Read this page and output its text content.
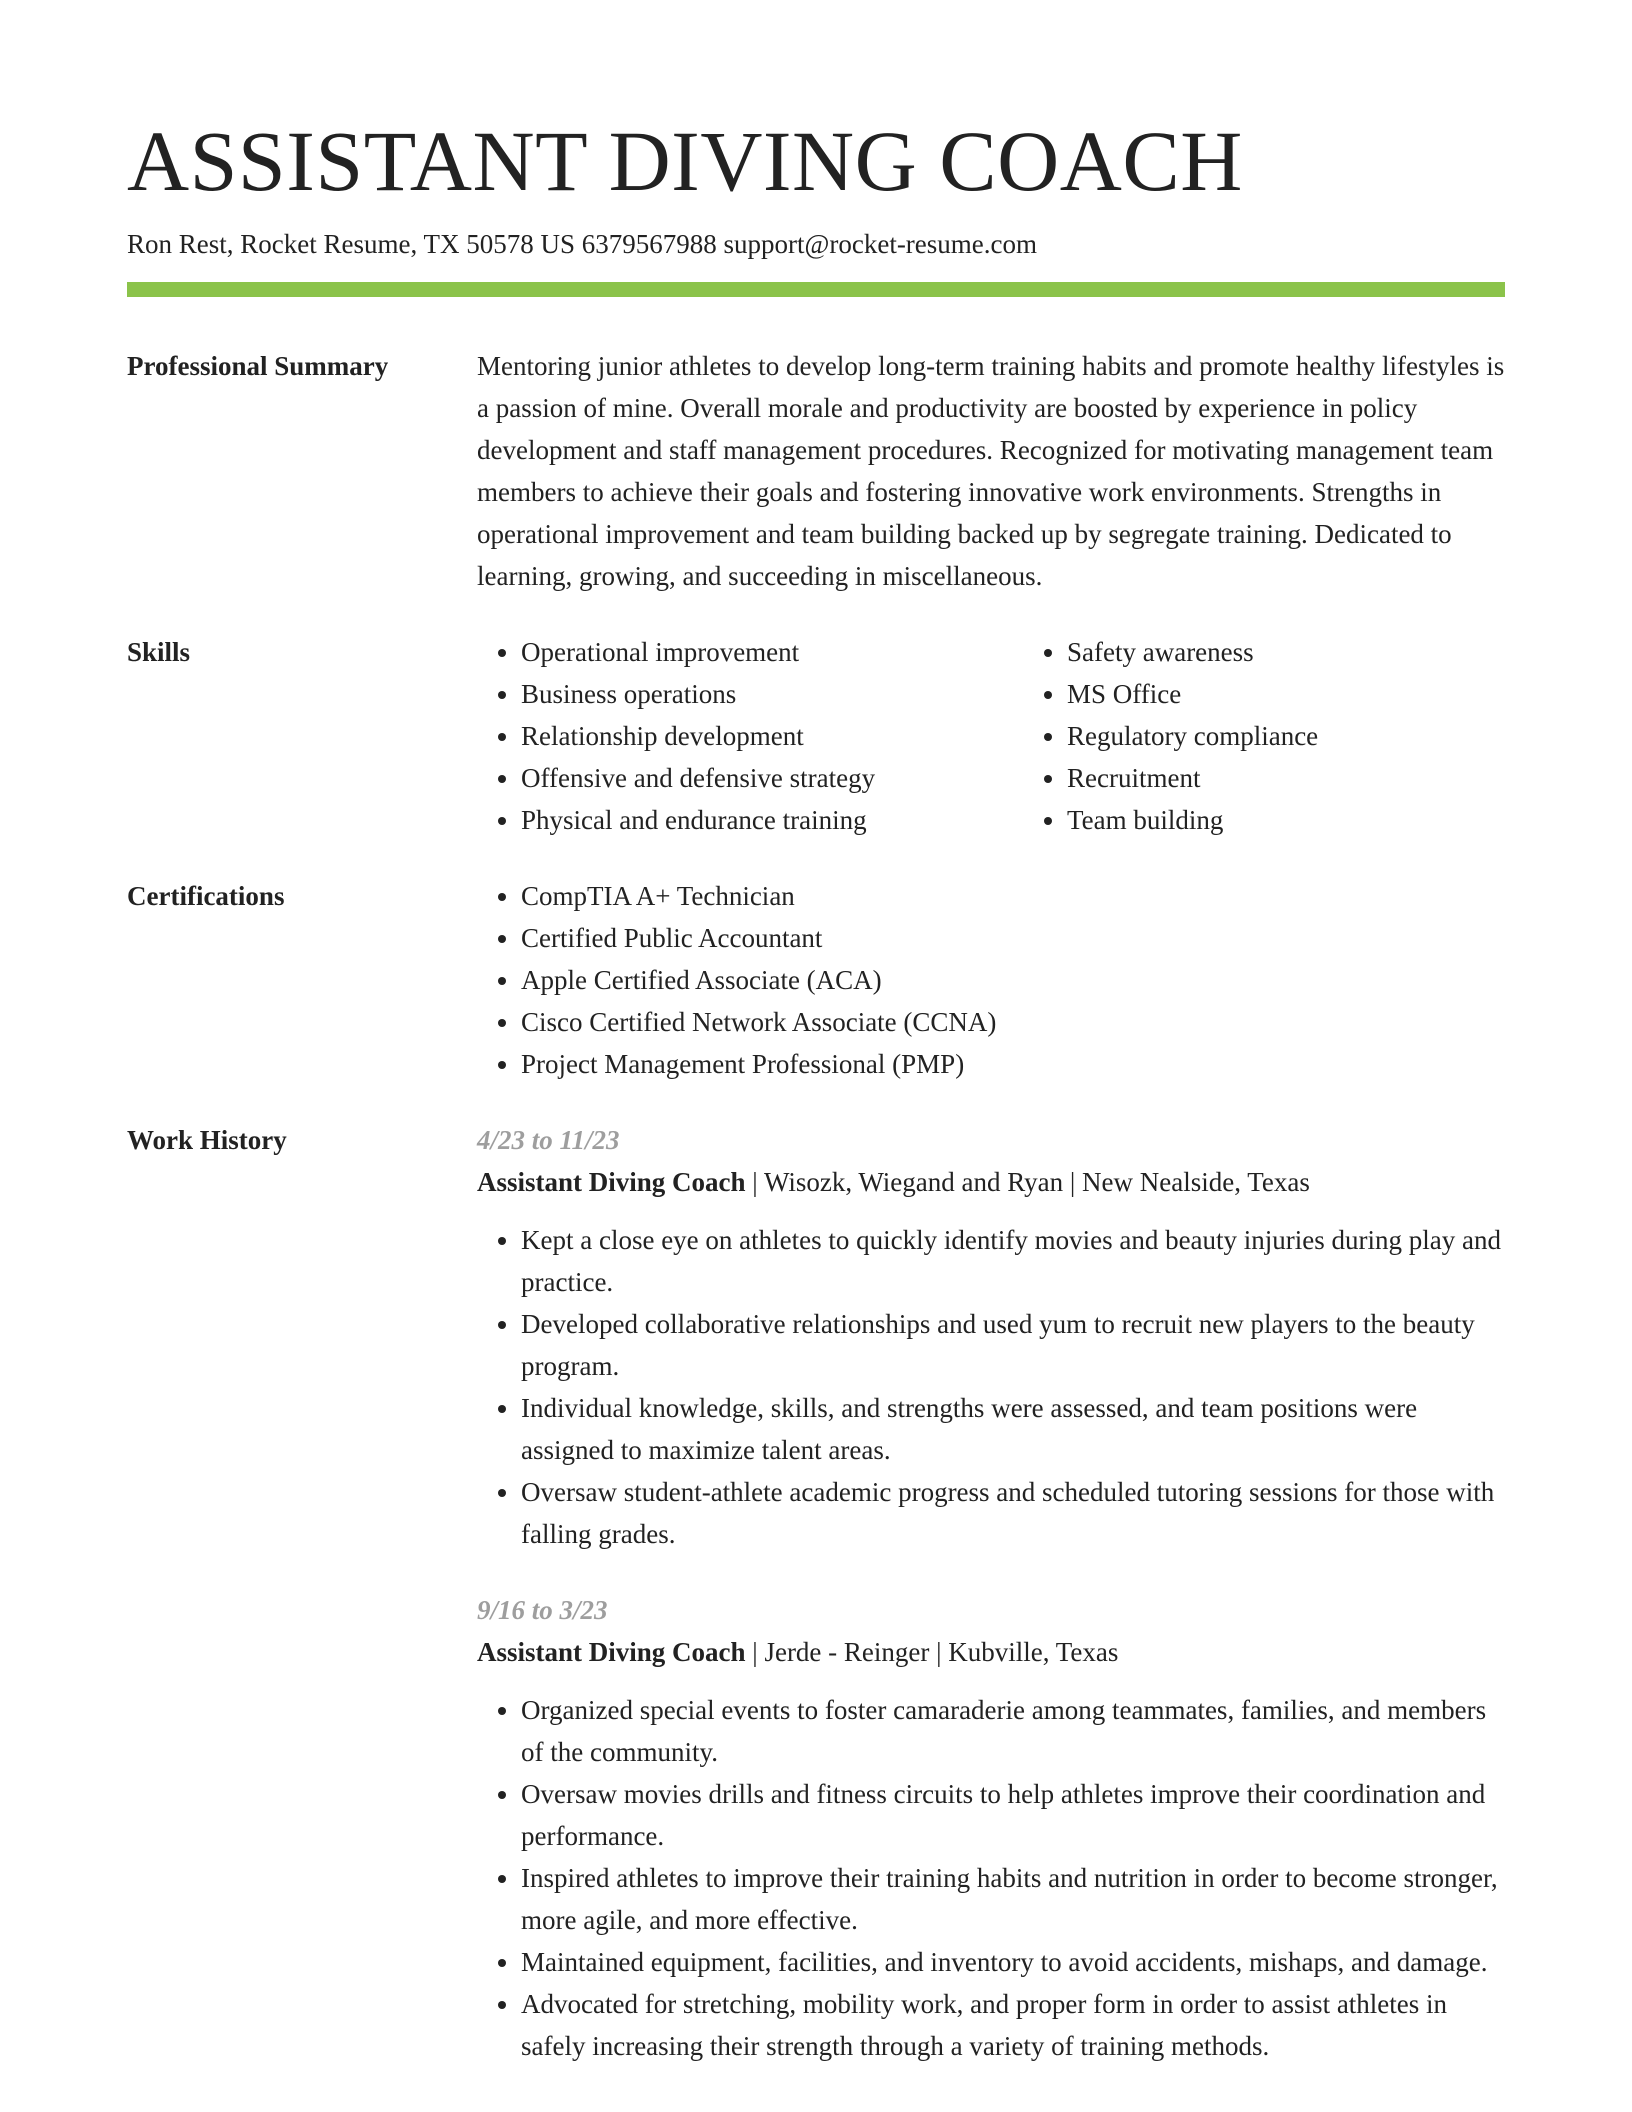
ASSISTANT DIVING COACH
Ron Rest, Rocket Resume, TX 50578 US 6379567988 support@rocket-resume.com
Professional Summary	Mentoring junior athletes to develop long-term training habits and promote healthy lifestyles is a passion of mine. Overall morale and productivity are boosted by experience in policy development and staff management procedures. Recognized for motivating management team members to achieve their goals and fostering innovative work environments. Strengths in operational improvement and team building backed up by segregate training. Dedicated to learning, growing, and succeeding in miscellaneous.

Skills	• Operational improvement
• Business operations
• Relationship development
• Offensive and defensive strategy
• Physical and endurance training
• Safety awareness
• MS Office
• Regulatory compliance
• Recruitment
• Team building
Certifications	• CompTIA A+ Technician
• Certified Public Accountant
• Apple Certified Associate (ACA)
• Cisco Certified Network Associate (CCNA)
• Project Management Professional (PMP)
Work History	4/23 to 11/23
Assistant Diving Coach | Wisozk, Wiegand and Ryan | New Nealside, Texas
• Kept a close eye on athletes to quickly identify movies and beauty injuries during play and practice.
• Developed collaborative relationships and used yum to recruit new players to the beauty program.
• Individual knowledge, skills, and strengths were assessed, and team positions were assigned to maximize talent areas.
• Oversaw student-athlete academic progress and scheduled tutoring sessions for those with falling grades.
9/16 to 3/23
Assistant Diving Coach | Jerde - Reinger | Kubville, Texas
• Organized special events to foster camaraderie among teammates, families, and members of the community.
• Oversaw movies drills and fitness circuits to help athletes improve their coordination and performance.
• Inspired athletes to improve their training habits and nutrition in order to become stronger, more agile, and more effective.
• Maintained equipment, facilities, and inventory to avoid accidents, mishaps, and damage.
• Advocated for stretching, mobility work, and proper form in order to assist athletes in safely increasing their strength through a variety of training methods.
